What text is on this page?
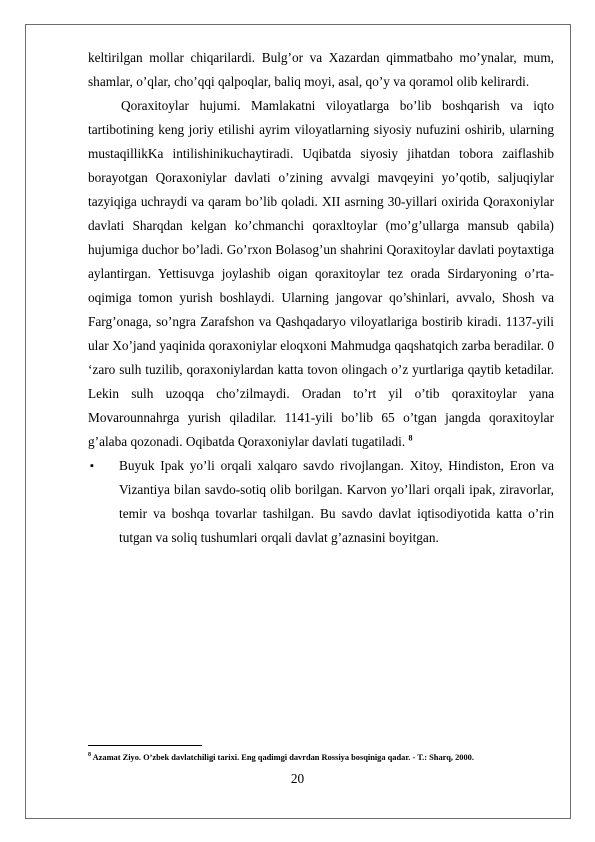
keltirilgan mollar chiqarilardi. Bulg’or va Xazardan qimmatbaho mo’ynalar, mum, shamlar, o’qlar, cho’qqi qalpoqlar, baliq moyi, asal, qo’y va qoramol olib kelirardi.

Qoraxitoylar hujumi. Mamlakatni viloyatlarga bo’lib boshqarish va iqto tartibotining keng joriy etilishi ayrim viloyatlarning siyosiy nufuzini oshirib, ularning mustaqillikKa intilishinikuchaytiradi. Uqibatda siyosiy jihatdan tobora zaiflashib borayotgan Qoraxoniylar davlati o’zining avvalgi mavqeyini yo’qotib, saljuqiylar tazyiqiga uchraydi va qaram bo’lib qoladi. XII asrning 30-yillari oxirida Qoraxoniylar davlati Sharqdan kelgan ko’chmanchi qoraxltoylar (mo’g’ullarga mansub qabila) hujumiga duchor bo’ladi. Go’rxon Bolasog’un shahrini Qoraxitoylar davlati poytaxtiga aylantirgan. Yettisuvga joylashib oigan qoraxitoylar tez orada Sirdaryoning o’rta-oqimiga tomon yurish boshlaydi. Ularning jangovar qo’shinlari, avvalo, Shosh va Farg’onaga, so’ngra Zarafshon va Qashqadaryo viloyatlariga bostirib kiradi. 1137-yili ular Xo’jand yaqinida qoraxoniylar eloqxoni Mahmudga qaqshatqich zarba beradilar. 0 ‘zaro sulh tuzilib, qoraxoniylardan katta tovon olingach o’z yurtlariga qaytib ketadilar. Lekin sulh uzoqqa cho’zilmaydi. Oradan to’rt yil o’tib qoraxitoylar yana Movarounnahrga yurish qiladilar. 1141-yili bo’lib 65 o’tgan jangda qoraxitoylar g’alaba qozonadi. Oqibatda Qoraxoniylar davlati tugatiladi. $^8$

▪ Buyuk Ipak yo’li orqali xalqaro savdo rivojlangan. Xitoy, Hindiston, Eron va Vizantiya bilan savdo-sotiq olib borilgan. Karvon yo’llari orqali ipak, ziravorlar, temir va boshqa tovarlar tashilgan. Bu savdo davlat iqtisodiyotida katta o’rin tutgan va soliq tushumlari orqali davlat g’aznasini boyitgan.

$^8$ Azamat Ziyo. O’zbek davlatchiligi tarixi. Eng qadimgi davrdan Rossiya bosqiniga qadar. - T.: Sharq, 2000.
20
